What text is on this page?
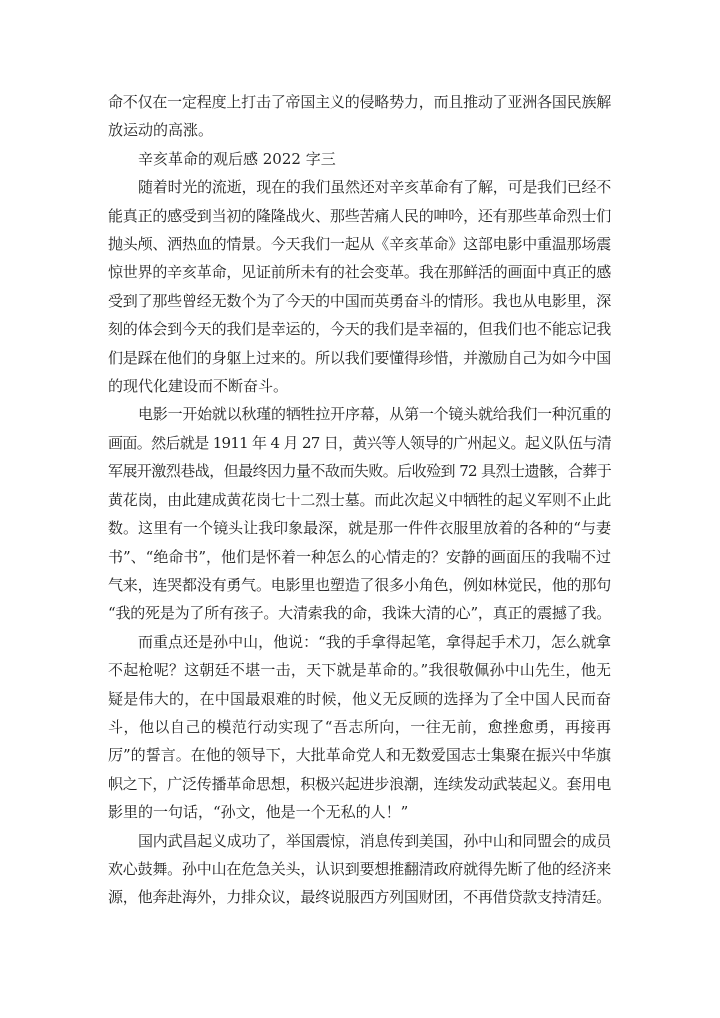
命不仅在一定程度上打击了帝国主义的侵略势力，而且推动了亚洲各国民族解
放运动的高涨。
辛亥革命的观后感 2022 字三
随着时光的流逝，现在的我们虽然还对辛亥革命有了解，可是我们已经不
能真正的感受到当初的隆隆战火、那些苦痛人民的呻吟，还有那些革命烈士们
抛头颅、洒热血的情景。今天我们一起从《辛亥革命》这部电影中重温那场震
惊世界的辛亥革命，见证前所未有的社会变革。我在那鲜活的画面中真正的感
受到了那些曾经无数个为了今天的中国而英勇奋斗的情形。我也从电影里，深
刻的体会到今天的我们是幸运的，今天的我们是幸福的，但我们也不能忘记我
们是踩在他们的身躯上过来的。所以我们要懂得珍惜，并激励自己为如今中国
的现代化建设而不断奋斗。
电影一开始就以秋瑾的牺牲拉开序幕，从第一个镜头就给我们一种沉重的
画面。然后就是 1911 年 4 月 27 日，黄兴等人领导的广州起义。起义队伍与清
军展开激烈巷战，但最终因力量不敌而失败。后收殓到 72 具烈士遗骸，合葬于
黄花岗，由此建成黄花岗七十二烈士墓。而此次起义中牺牲的起义军则不止此
数。这里有一个镜头让我印象最深，就是那一件件衣服里放着的各种的“与妻
书”、“绝命书”，他们是怀着一种怎么的心情走的？安静的画面压的我喘不过
气来，连哭都没有勇气。电影里也塑造了很多小角色，例如林觉民，他的那句
“我的死是为了所有孩子。大清索我的命，我诛大清的心”，真正的震撼了我。
而重点还是孙中山，他说：“我的手拿得起笔，拿得起手术刀，怎么就拿
不起枪呢？这朝廷不堪一击，天下就是革命的。”我很敬佩孙中山先生，他无
疑是伟大的，在中国最艰难的时候，他义无反顾的选择为了全中国人民而奋
斗，他以自己的模范行动实现了“吾志所向，一往无前，愈挫愈勇，再接再
厉”的誓言。在他的领导下，大批革命党人和无数爱国志士集聚在振兴中华旗
帜之下，广泛传播革命思想，积极兴起进步浪潮，连续发动武装起义。套用电
影里的一句话，“孙文，他是一个无私的人！”
国内武昌起义成功了，举国震惊，消息传到美国，孙中山和同盟会的成员
欢心鼓舞。孙中山在危急关头，认识到要想推翻清政府就得先断了他的经济来
源，他奔赴海外，力排众议，最终说服西方列国财团，不再借贷款支持清廷。
